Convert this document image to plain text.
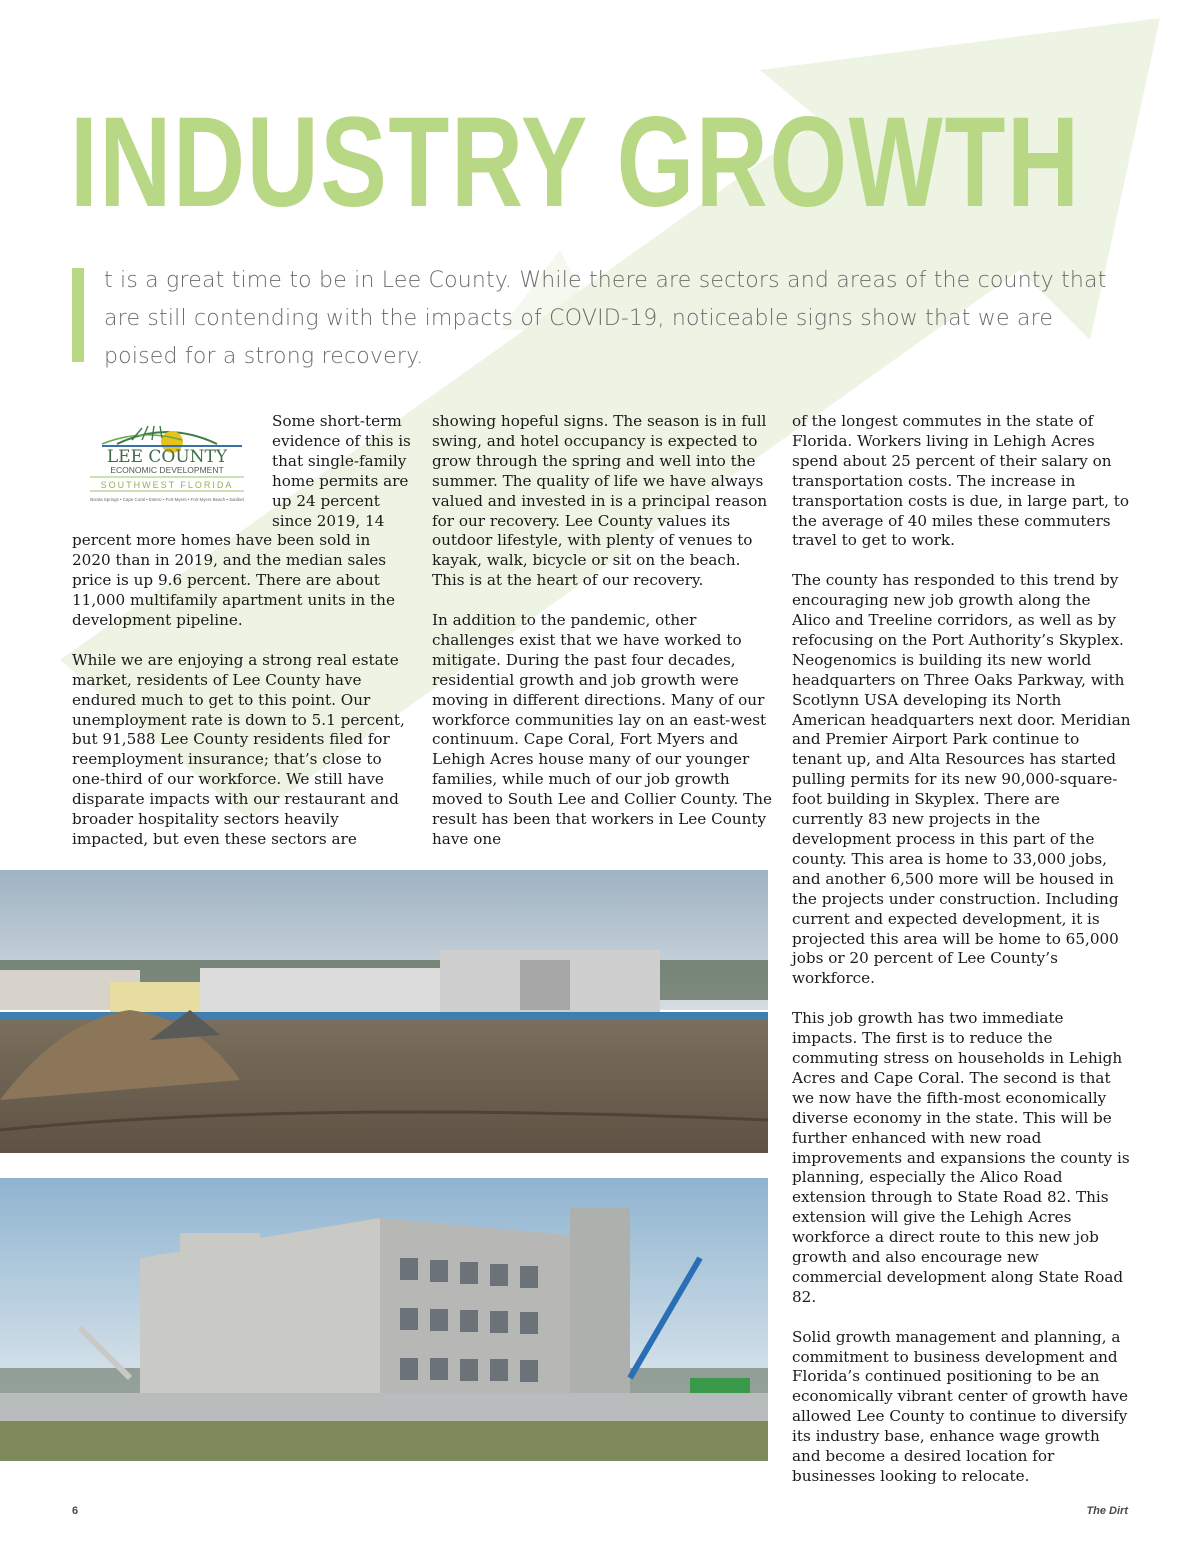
INDUSTRY GROWTH

t is a great time to be in Lee County. While there are sectors and areas of the county that are still contending with the impacts of COVID-19, noticeable signs show that we are poised for a strong recovery.

LEE COUNTY
ECONOMIC DEVELOPMENT
SOUTHWEST FLORIDA
Bonita Springs • Cape Coral • Estero • Fort Myers • Fort Myers Beach • Sanibel

Some short-term evidence of this is that single-family home permits are up 24 percent since 2019, 14 percent more homes have been sold in 2020 than in 2019, and the median sales price is up 9.6 percent. There are about 11,000 multifamily apartment units in the development pipeline.

While we are enjoying a strong real estate market, residents of Lee County have endured much to get to this point. Our unemployment rate is down to 5.1 percent, but 91,588 Lee County residents filed for reemployment insurance; that’s close to one-third of our workforce. We still have disparate impacts with our restaurant and broader hospitality sectors heavily impacted, but even these sectors are

showing hopeful signs. The season is in full swing, and hotel occupancy is expected to grow through the spring and well into the summer. The quality of life we have always valued and invested in is a principal reason for our recovery. Lee County values its outdoor lifestyle, with plenty of venues to kayak, walk, bicycle or sit on the beach. This is at the heart of our recovery.

In addition to the pandemic, other challenges exist that we have worked to mitigate. During the past four decades, residential growth and job growth were moving in different directions. Many of our workforce communities lay on an east-west continuum. Cape Coral, Fort Myers and Lehigh Acres house many of our younger families, while much of our job growth moved to South Lee and Collier County. The result has been that workers in Lee County have one

of the longest commutes in the state of Florida. Workers living in Lehigh Acres spend about 25 percent of their salary on transportation costs. The increase in transportation costs is due, in large part, to the average of 40 miles these commuters travel to get to work.

The county has responded to this trend by encouraging new job growth along the Alico and Treeline corridors, as well as by refocusing on the Port Authority’s Skyplex. Neogenomics is building its new world headquarters on Three Oaks Parkway, with Scotlynn USA developing its North American headquarters next door. Meridian and Premier Airport Park continue to tenant up, and Alta Resources has started pulling permits for its new 90,000-square-foot building in Skyplex. There are currently 83 new projects in the development process in this part of the county. This area is home to 33,000 jobs, and another 6,500 more will be housed in the projects under construction. Including current and expected development, it is projected this area will be home to 65,000 jobs or 20 percent of Lee County’s workforce.

This job growth has two immediate impacts. The first is to reduce the commuting stress on households in Lehigh Acres and Cape Coral. The second is that we now have the fifth-most economically diverse economy in the state. This will be further enhanced with new road improvements and expansions the county is planning, especially the Alico Road extension through to State Road 82. This extension will give the Lehigh Acres workforce a direct route to this new job growth and also encourage new commercial development along State Road 82.

Solid growth management and planning, a commitment to business development and Florida’s continued positioning to be an economically vibrant center of growth have allowed Lee County to continue to diversify its industry base, enhance wage growth and become a desired location for businesses looking to relocate.

6	The Dirt
